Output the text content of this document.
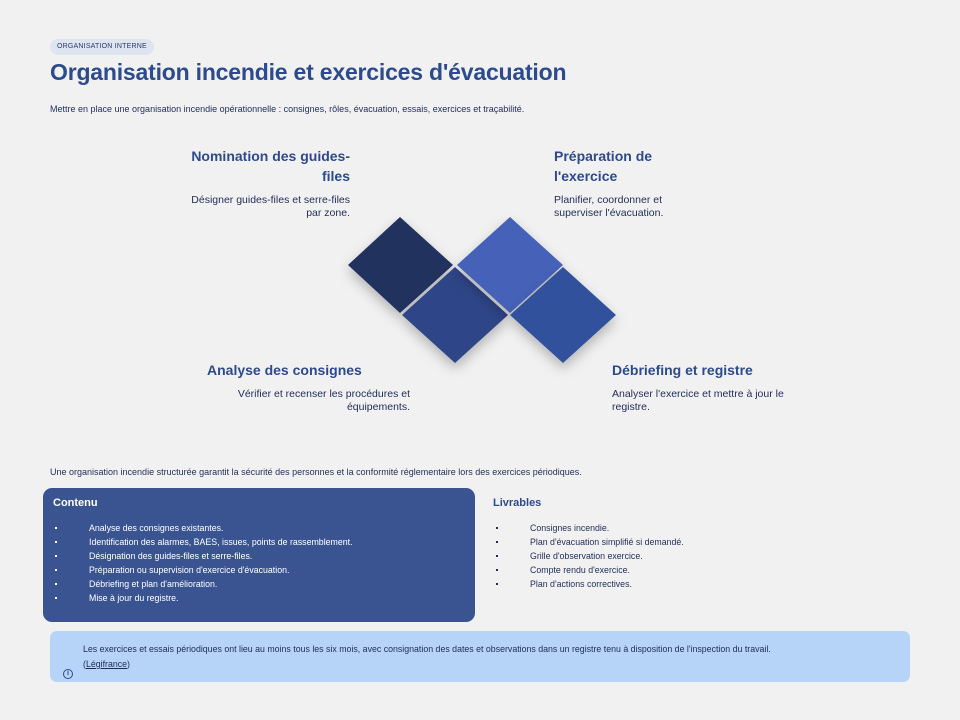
ORGANISATION INTERNE
Organisation incendie et exercices d'évacuation
Mettre en place une organisation incendie opérationnelle : consignes, rôles, évacuation, essais, exercices et traçabilité.
Nomination des guides-files

Désigner guides-files et serre-files par zone.

Préparation de l'exercice

Planifier, coordonner et superviser l'évacuation.

Analyse des consignes

Vérifier et recenser les procédures et équipements.

Débriefing et registre

Analyser l'exercice et mettre à jour le registre.

Une organisation incendie structurée garantit la sécurité des personnes et la conformité réglementaire lors des exercices périodiques.
Contenu
Analyse des consignes existantes.
Identification des alarmes, BAES, issues, points de rassemblement.
Désignation des guides-files et serre-files.
Préparation ou supervision d'exercice d'évacuation.
Débriefing et plan d'amélioration.
Mise à jour du registre.
Livrables
Consignes incendie.
Plan d'évacuation simplifié si demandé.
Grille d'observation exercice.
Compte rendu d'exercice.
Plan d'actions correctives.
i
Les exercices et essais périodiques ont lieu au moins tous les six mois, avec consignation des dates et observations dans un registre tenu à disposition de l'inspection du travail.
(Légifrance)
